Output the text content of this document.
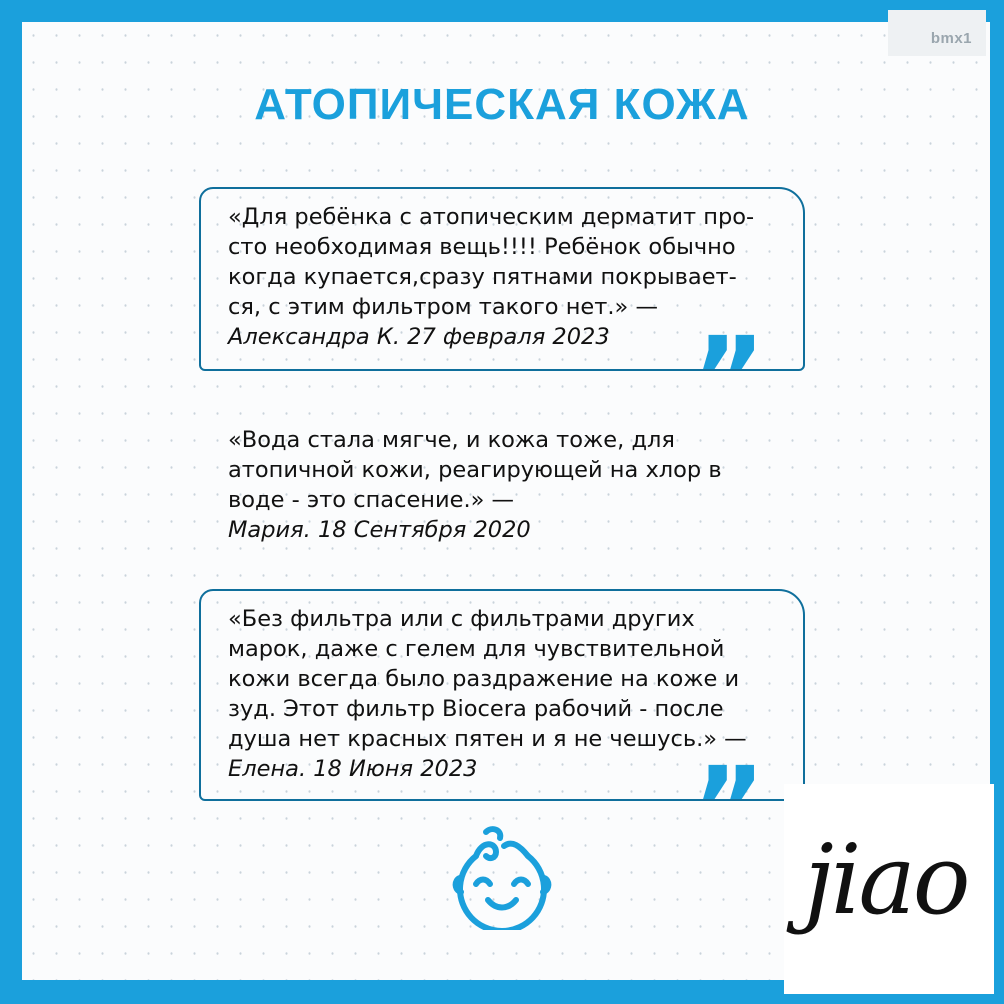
bmx1
АТОПИЧЕСКАЯ КОЖА
«Для ребёнка с атопическим дерматит про-
сто необходимая вещь!!!! Ребёнок обычно
когда купается,сразу пятнами покрывает-
ся, с этим фильтром такого нет.» —
Александра К. 27 февраля 2023 ”
«Вода стала мягче, и кожа тоже, для
атопичной кожи, реагирующей на хлор в
воде - это спасение.» —
Мария. 18 Сентября 2020
«Без фильтра или с фильтрами других
марок, даже с гелем для чувствительной
кожи всегда было раздражение на коже и
зуд. Этот фильтр Biocera рабочий - после
душа нет красных пятен и я не чешусь.» —
Елена. 18 Июня 2023	”
jiao
